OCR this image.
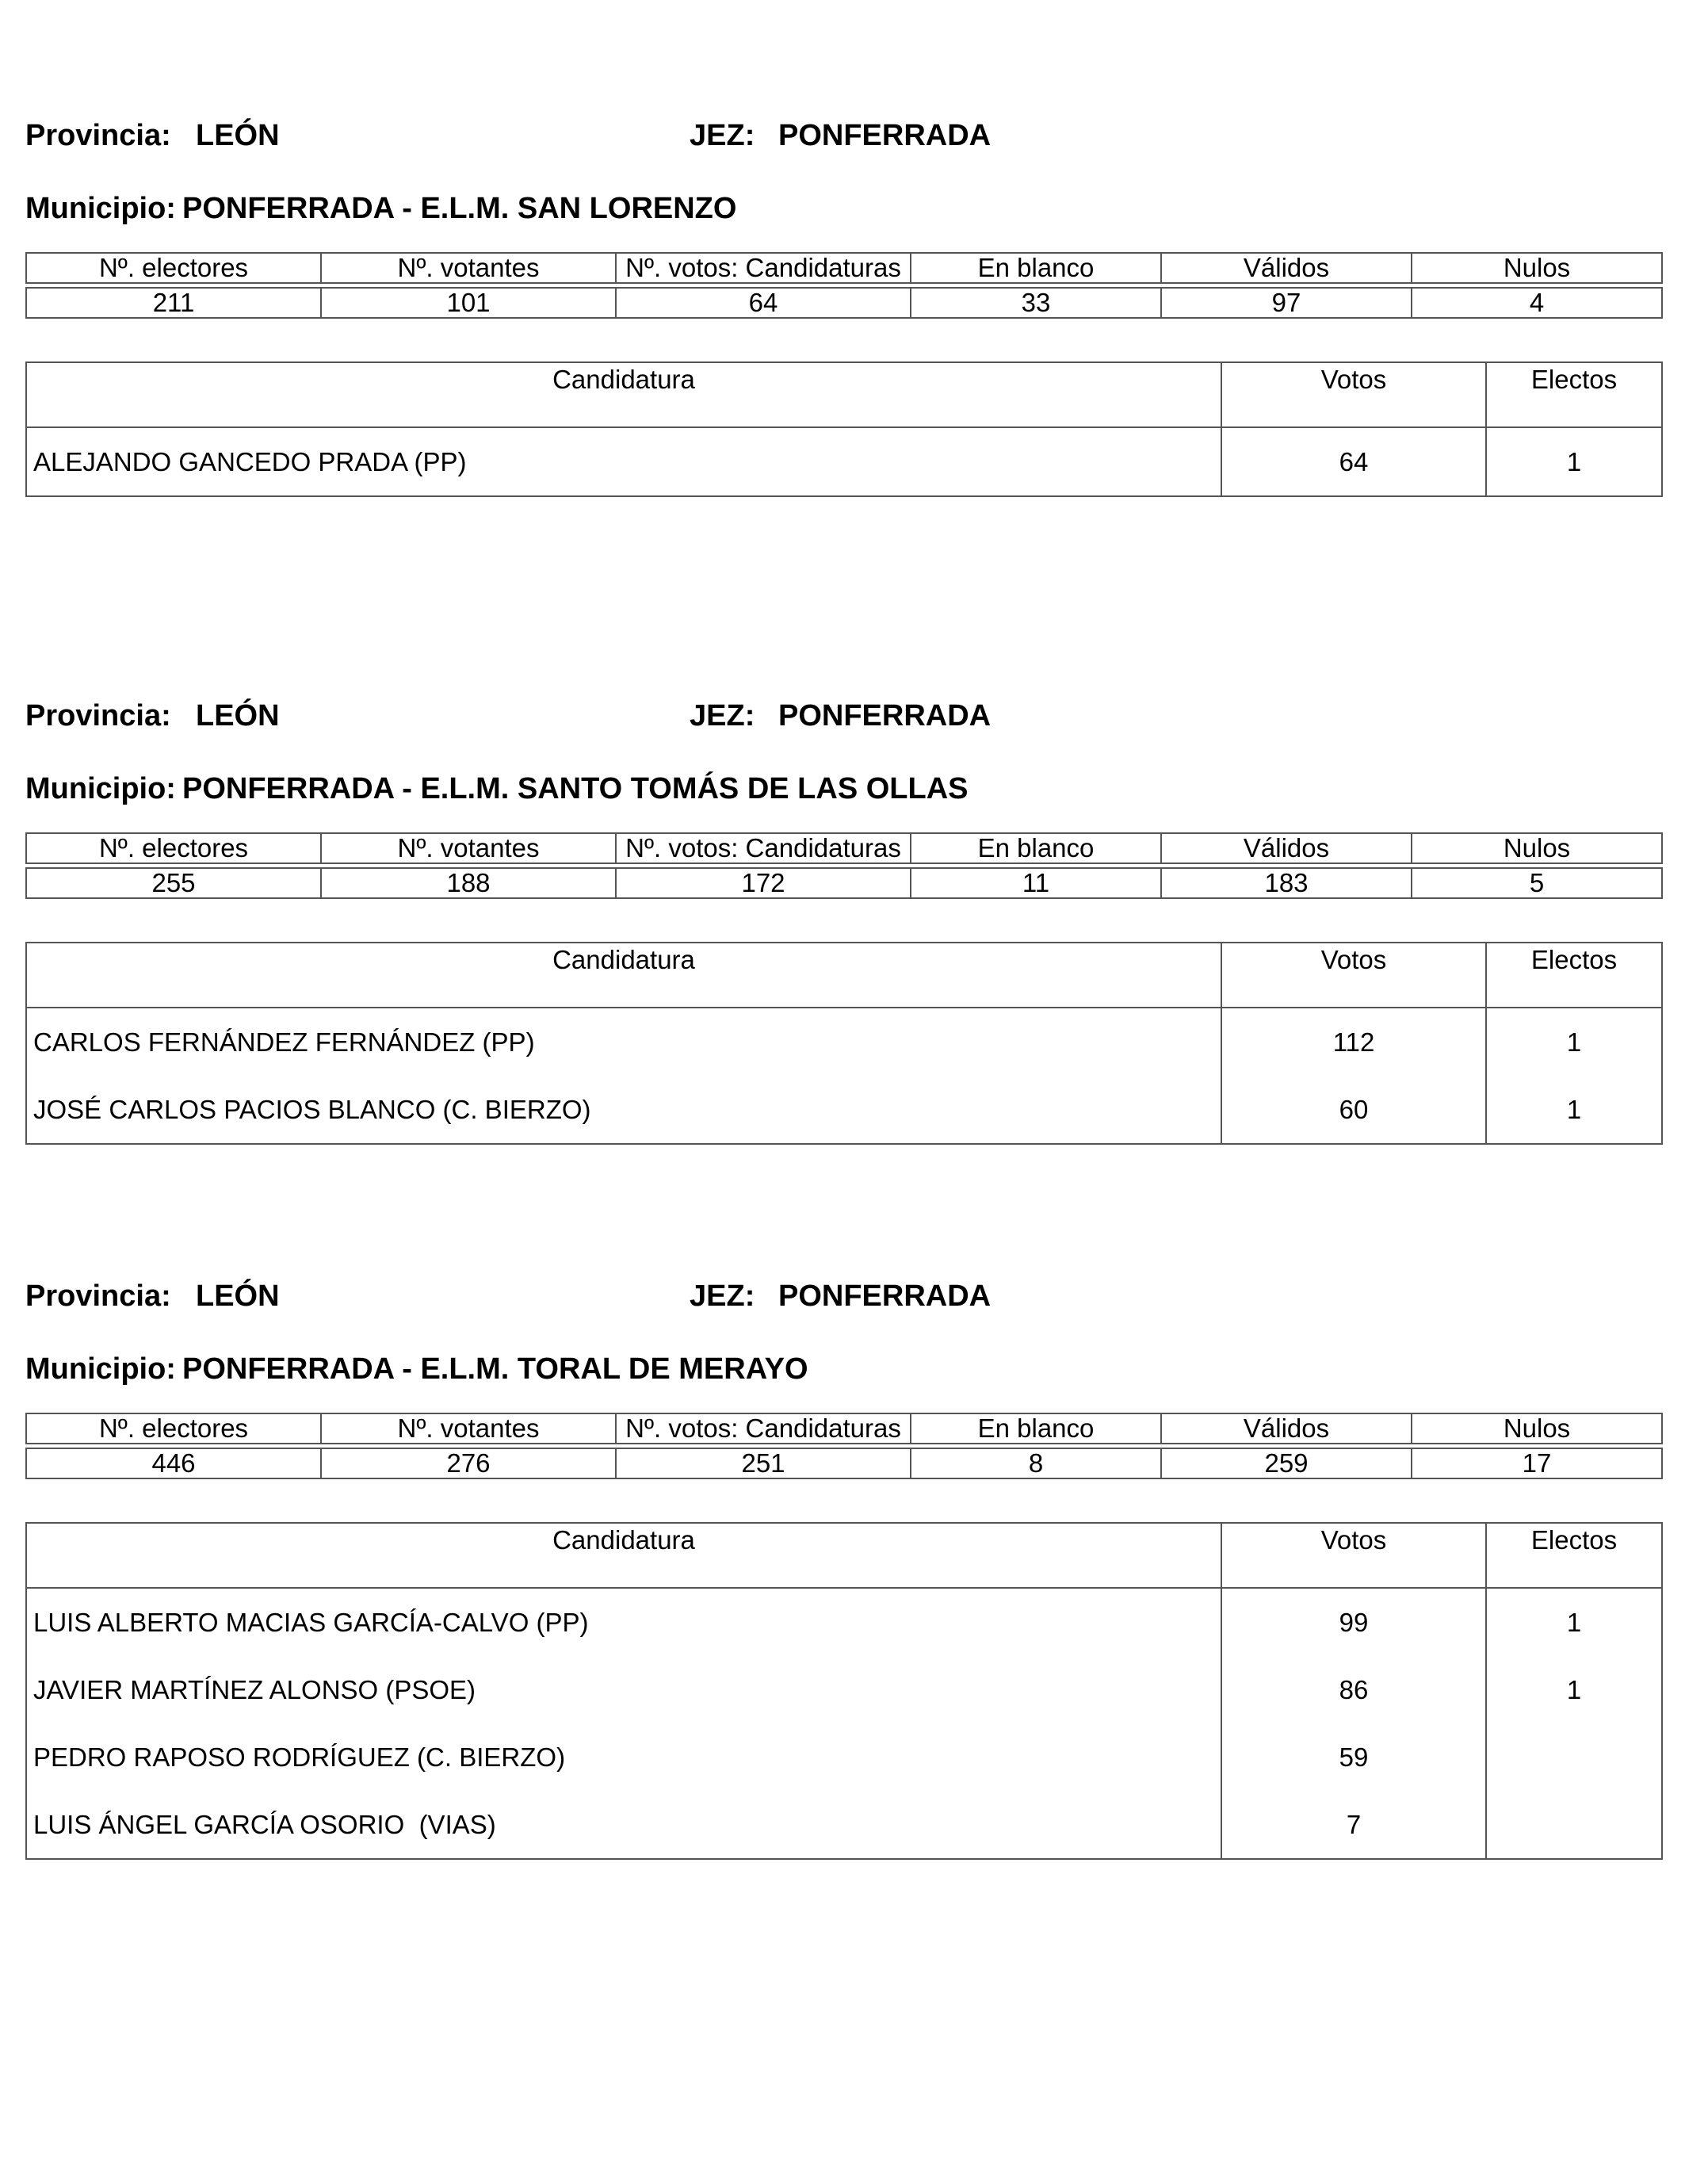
Provincia: LEÓN	JEZ: PONFERRADA
Municipio: PONFERRADA - E.L.M. SAN LORENZO
Nº. electores	Nº. votantes	Nº. votos: Candidaturas	En blanco	Válidos	Nulos

211	101	64	33	97	4
Candidatura	Votos	Electos
ALEJANDO GANCEDO PRADA (PP)	64	1
Provincia: LEÓN	JEZ: PONFERRADA
Municipio: PONFERRADA - E.L.M. SANTO TOMÁS DE LAS OLLAS
Nº. electores	Nº. votantes	Nº. votos: Candidaturas	En blanco	Válidos	Nulos

255	188	172	11	183	5
Candidatura	Votos	Electos
CARLOS FERNÁNDEZ FERNÁNDEZ (PP)	112	1
JOSÉ CARLOS PACIOS BLANCO (C. BIERZO)	60	1
Provincia: LEÓN	JEZ: PONFERRADA
Municipio: PONFERRADA - E.L.M. TORAL DE MERAYO
Nº. electores	Nº. votantes	Nº. votos: Candidaturas	En blanco	Válidos	Nulos

446	276	251	8	259	17
Candidatura	Votos	Electos
LUIS ALBERTO MACIAS GARCÍA-CALVO (PP)	99	1
JAVIER MARTÍNEZ ALONSO (PSOE)	86	1
PEDRO RAPOSO RODRÍGUEZ (C. BIERZO)	59	
LUIS ÁNGEL GARCÍA OSORIO  (VIAS)	7	
